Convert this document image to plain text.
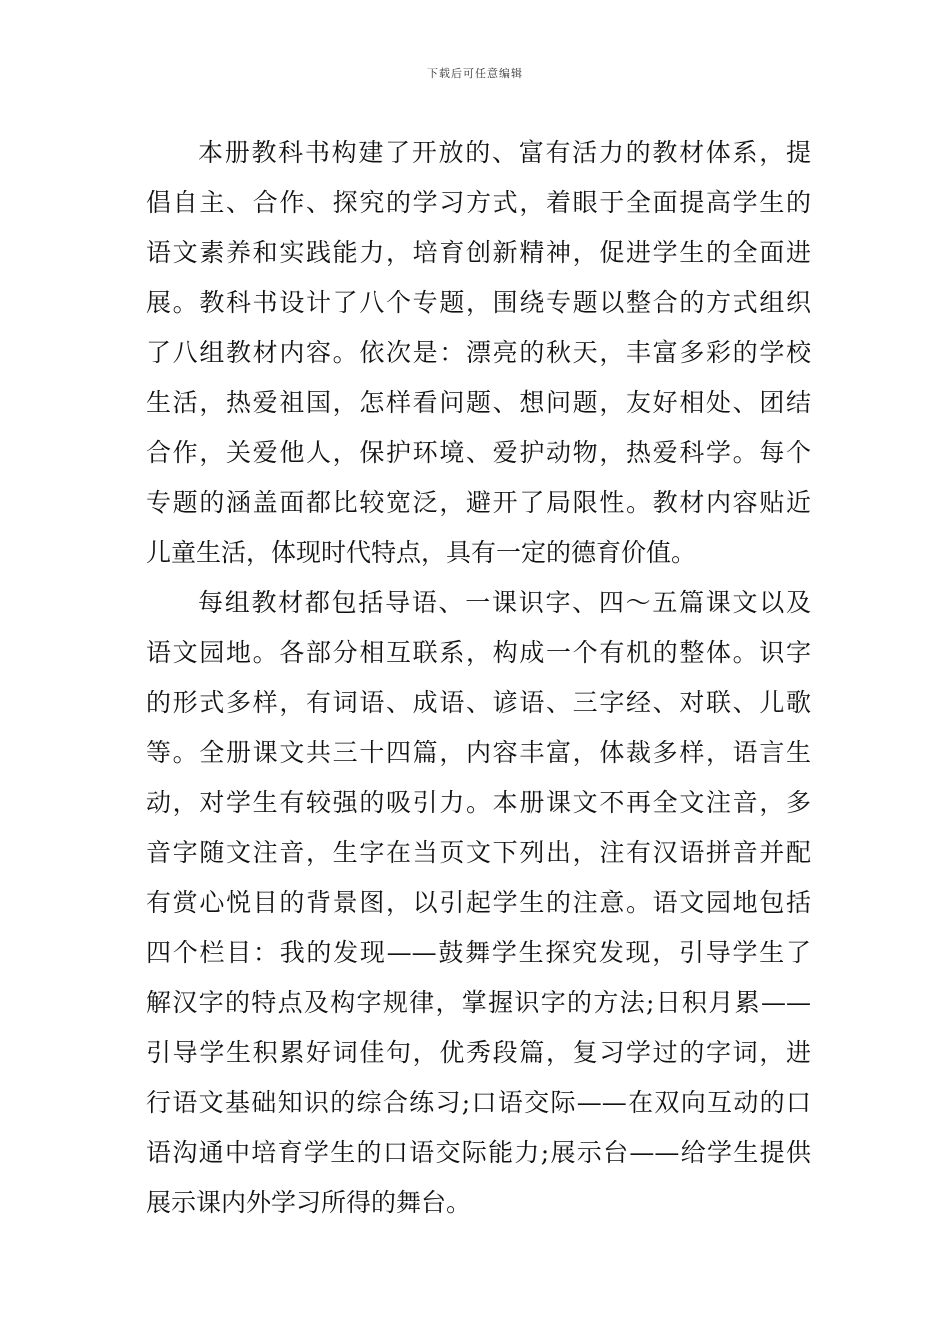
下载后可任意编辑
本册教科书构建了开放的、富有活力的教材体系，提
倡自主、合作、探究的学习方式，着眼于全面提高学生的
语文素养和实践能力，培育创新精神，促进学生的全面进
展。教科书设计了八个专题，围绕专题以整合的方式组织
了八组教材内容。依次是：漂亮的秋天，丰富多彩的学校
生活，热爱祖国，怎样看问题、想问题，友好相处、团结
合作，关爱他人，保护环境、爱护动物，热爱科学。每个
专题的涵盖面都比较宽泛，避开了局限性。教材内容贴近
儿童生活，体现时代特点，具有一定的德育价值。
每组教材都包括导语、一课识字、四～五篇课文以及
语文园地。各部分相互联系，构成一个有机的整体。识字
的形式多样，有词语、成语、谚语、三字经、对联、儿歌
等。全册课文共三十四篇，内容丰富，体裁多样，语言生
动，对学生有较强的吸引力。本册课文不再全文注音，多
音字随文注音，生字在当页文下列出，注有汉语拼音并配
有赏心悦目的背景图，以引起学生的注意。语文园地包括
四个栏目：我的发现——鼓舞学生探究发现，引导学生了
解汉字的特点及构字规律，掌握识字的方法;日积月累——
引导学生积累好词佳句，优秀段篇，复习学过的字词，进
行语文基础知识的综合练习;口语交际——在双向互动的口
语沟通中培育学生的口语交际能力;展示台——给学生提供
展示课内外学习所得的舞台。
